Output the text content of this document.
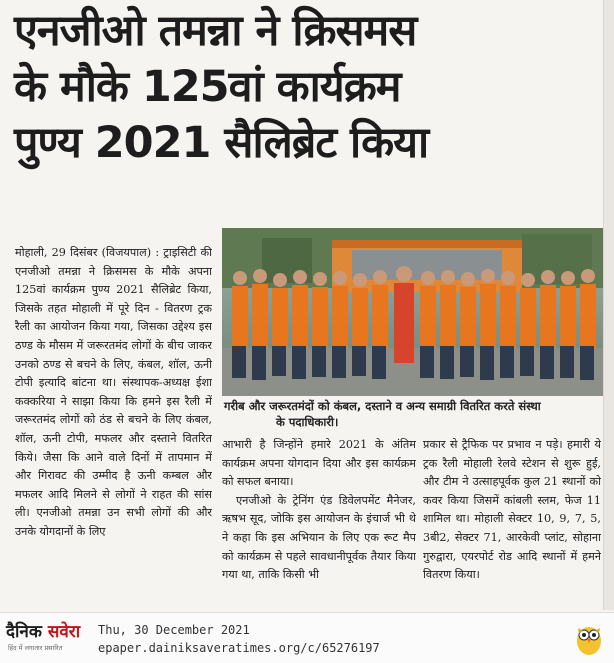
एनजीओ तमन्ना ने क्रिसमस
के मौके 125वां कार्यक्रम
पुण्य 2021 सैलिब्रेट किया

मोहाली, 29 दिसंबर (विजयपाल) : ट्राइसिटी की एनजीओ तमन्ना ने क्रिसमस के मौके अपना 125वां कार्यक्रम पुण्य 2021 सैलिब्रेट किया, जिसके तहत मोहाली में पूरे दिन - वितरण ट्रक रैली का आयोजन किया गया, जिसका उद्देश्य इस ठण्ड के मौसम में जरूरतमंद लोगों के बीच जाकर उनको ठण्ड से बचने के लिए, कंबल, शॉल, ऊनी टोपी इत्यादि बांटना था। संस्थापक-अध्यक्ष ईशा कक्करिया ने साझा किया कि हमने इस रैली में जरूरतमंद लोगों को ठंड से बचने के लिए कंबल, शॉल, ऊनी टोपी, मफलर और दस्ताने वितरित किये। जैसा कि आने वाले दिनों में तापमान में और गिरावट की उम्मीद है ऊनी कम्बल और मफलर आदि मिलने से लोगों ने राहत की सांस ली। एनजीओ तमन्ना उन सभी लोगों की और उनके योगदानों के लिए

गरीब और जरूरतमंदों को कंबल, दस्ताने व अन्य समाग्री वितरित करते संस्था
के पदाधिकारी।

आभारी है जिन्होंने हमारे 2021 के अंतिम कार्यक्रम अपना योगदान दिया और इस कार्यक्रम को सफल बनाया।

एनजीओ के ट्रेनिंग एंड डिवेलपमेंट मैनेजर, ऋषभ सूद, जोकि इस आयोजन के इंचार्ज भी थे ने कहा कि इस अभियान के लिए एक रूट मैप को कार्यक्रम से पहले सावधानीपूर्वक तैयार किया गया था, ताकि किसी भी

प्रकार से ट्रैफिक पर प्रभाव न पड़े। हमारी ये ट्रक रैली मोहाली रेलवे स्टेशन से शुरू हुई, और टीम ने उत्साहपूर्वक कुल 21 स्थानों को कवर किया जिसमें कांबली स्लम, फेज 11 शामिल था। मोहाली सेक्टर 10, 9, 7, 5, 3बी2, सेक्टर 71, आरकेवी प्लांट, सोहाना गुरुद्वारा, एयरपोर्ट रोड आदि स्थानों में हमने वितरण किया।

दैनिक सवेरा
हिंद में लगातार प्रसारित
Thu, 30 December 2021
epaper.dainiksaveratimes.org/c/65276197
